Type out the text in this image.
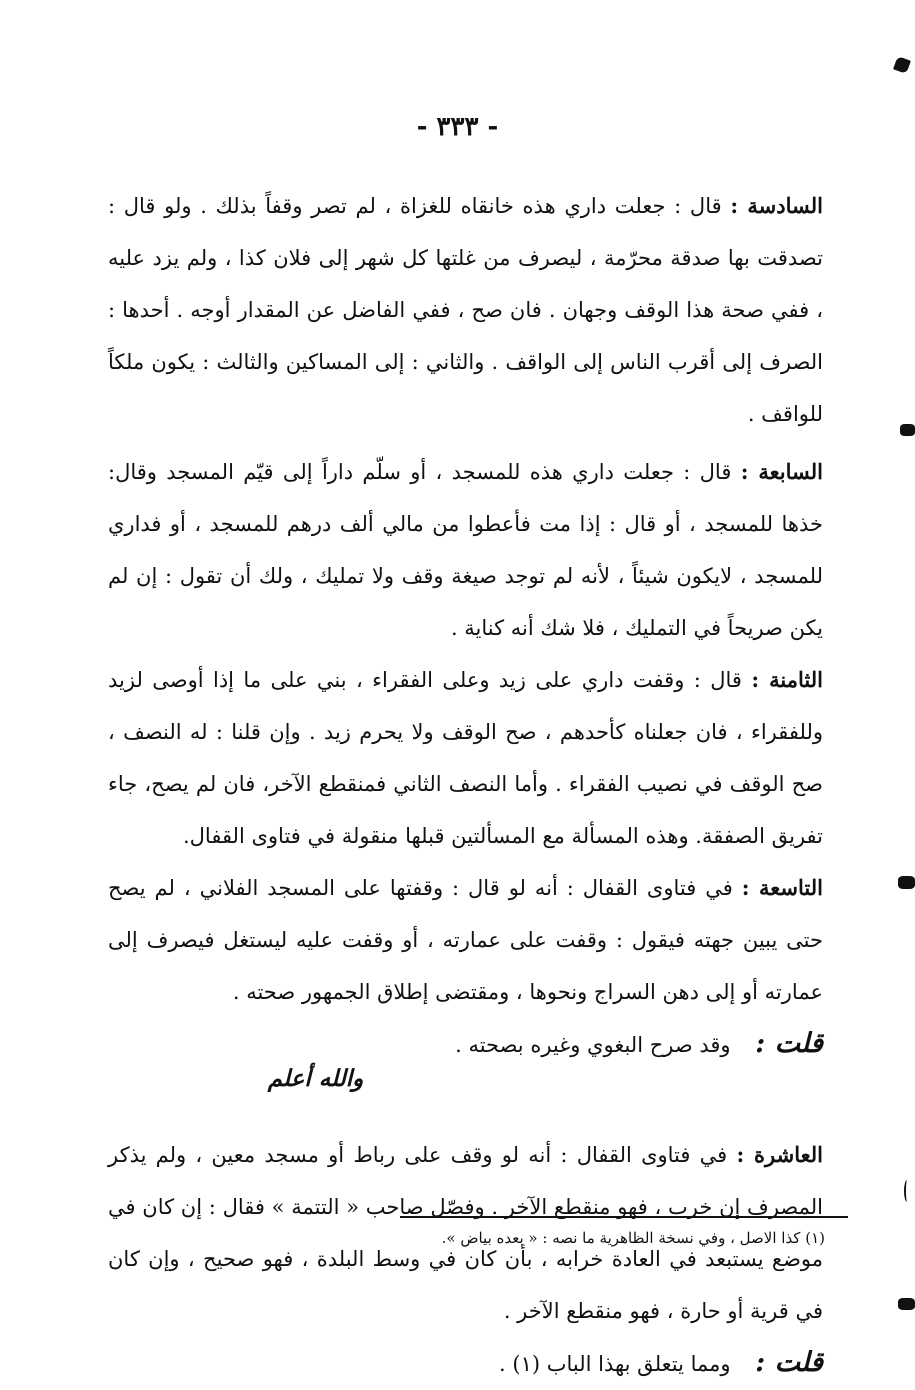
- ٣٣٣ -

السادسة : قال : جعلت داري هذه خانقاه للغزاة ، لم تصر وقفاً بذلك . ولو قال : تصدقت بها صدقة محرّمة ، ليصرف من غلتها كل شهر إلى فلان كذا ، ولم يزد عليه ، ففي صحة هذا الوقف وجهان . فان صح ، ففي الفاضل عن المقدار أوجه . أحدها : الصرف إلى أقرب الناس إلى الواقف . والثاني : إلى المساكين والثالث : يكون ملكاً للواقف .

السابعة : قال : جعلت داري هذه للمسجد ، أو سلّم داراً إلى قيّم المسجد وقال: خذها للمسجد ، أو قال : إذا مت فأعطوا من مالي ألف درهم للمسجد ، أو فداري للمسجد ، لايكون شيئاً ، لأنه لم توجد صيغة وقف ولا تمليك ، ولك أن تقول : إن لم يكن صريحاً في التمليك ، فلا شك أنه كناية .

الثامنة : قال : وقفت داري على زيد وعلى الفقراء ، بني على ما إذا أوصى لزيد وللفقراء ، فان جعلناه كأحدهم ، صح الوقف ولا يحرم زيد . وإن قلنا : له النصف ، صح الوقف في نصيب الفقراء . وأما النصف الثاني فمنقطع الآخر، فان لم يصح، جاء تفريق الصفقة. وهذه المسألة مع المسألتين قبلها منقولة في فتاوى القفال.

التاسعة : في فتاوى القفال : أنه لو قال : وقفتها على المسجد الفلاني ، لم يصح حتى يبين جهته فيقول : وقفت على عمارته ، أو وقفت عليه ليستغل فيصرف إلى عمارته أو إلى دهن السراج ونحوها ، ومقتضى إطلاق الجمهور صحته .

قلت : وقد صرح البغوي وغيره بصحته .

والله أعلم

العاشرة : في فتاوى القفال : أنه لو وقف على رباط أو مسجد معين ، ولم يذكر المصرف إن خرب ، فهو منقطع الآخر . وفصّل صاحب « التتمة » فقال : إن كان في موضع يستبعد في العادة خرابه ، بأن كان في وسط البلدة ، فهو صحيح ، وإن كان في قرية أو حارة ، فهو منقطع الآخر .

قلت : ومما يتعلق بهذا الباب (١) .

(١) كذا الاصل ، وفي نسخة الظاهرية ما نصه : « بعده بياض ».
